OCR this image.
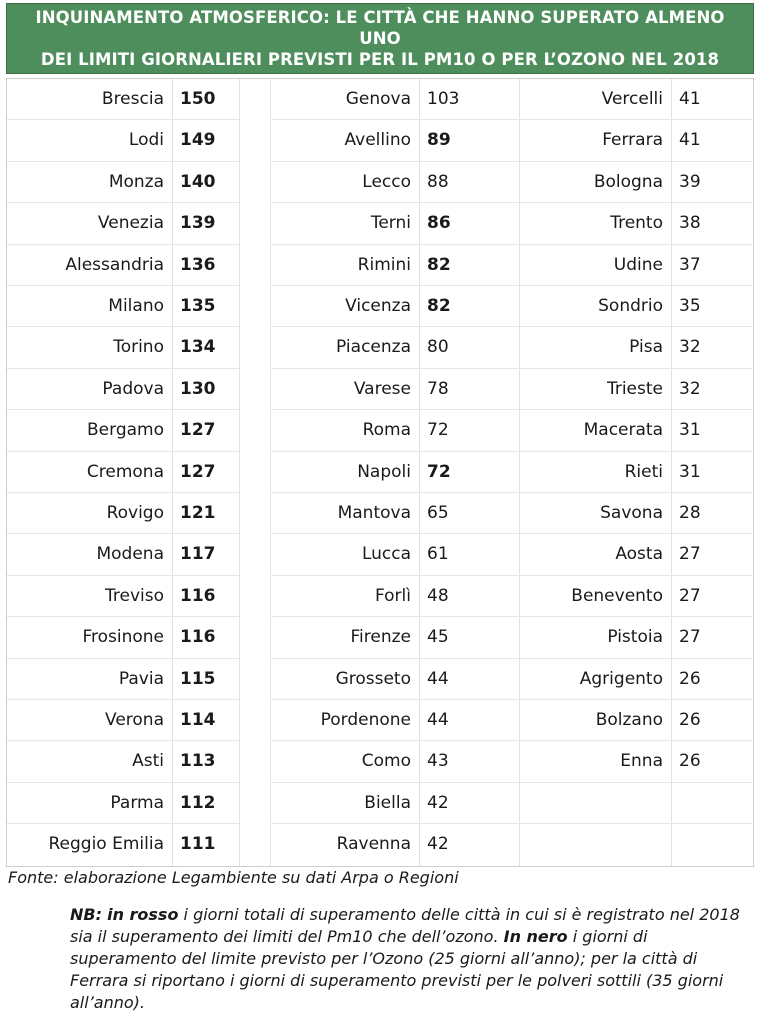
INQUINAMENTO ATMOSFERICO: LE CITTÀ CHE HANNO SUPERATO ALMENO UNO
DEI LIMITI GIORNALIERI PREVISTI PER IL PM10 O PER L’OZONO NEL 2018
Brescia 150
Lodi 149
Monza 140
Venezia 139
Alessandria 136
Milano 135
Torino 134
Padova 130
Bergamo 127
Cremona 127
Rovigo 121
Modena 117
Treviso 116
Frosinone 116
Pavia 115
Verona 114
Asti 113
Parma 112
Reggio Emilia 111
Genova 103
Avellino 89
Lecco 88
Terni 86
Rimini 82
Vicenza 82
Piacenza 80
Varese 78
Roma 72
Napoli 72
Mantova 65
Lucca 61
Forlì 48
Firenze 45
Grosseto 44
Pordenone 44
Como 43
Biella 42
Ravenna 42
Vercelli 41
Ferrara 41
Bologna 39
Trento 38
Udine 37
Sondrio 35
Pisa 32
Trieste 32
Macerata 31
Rieti 31
Savona 28
Aosta 27
Benevento 27
Pistoia 27
Agrigento 26
Bolzano 26
Enna 26
Fonte: elaborazione Legambiente su dati Arpa o Regioni
NB: in rosso i giorni totali di superamento delle città in cui si è registrato nel 2018 sia il superamento dei limiti del Pm10 che dell’ozono. In nero i giorni di superamento del limite previsto per l’Ozono (25 giorni all’anno); per la città di Ferrara si riportano i giorni di superamento previsti per le polveri sottili (35 giorni all’anno).
